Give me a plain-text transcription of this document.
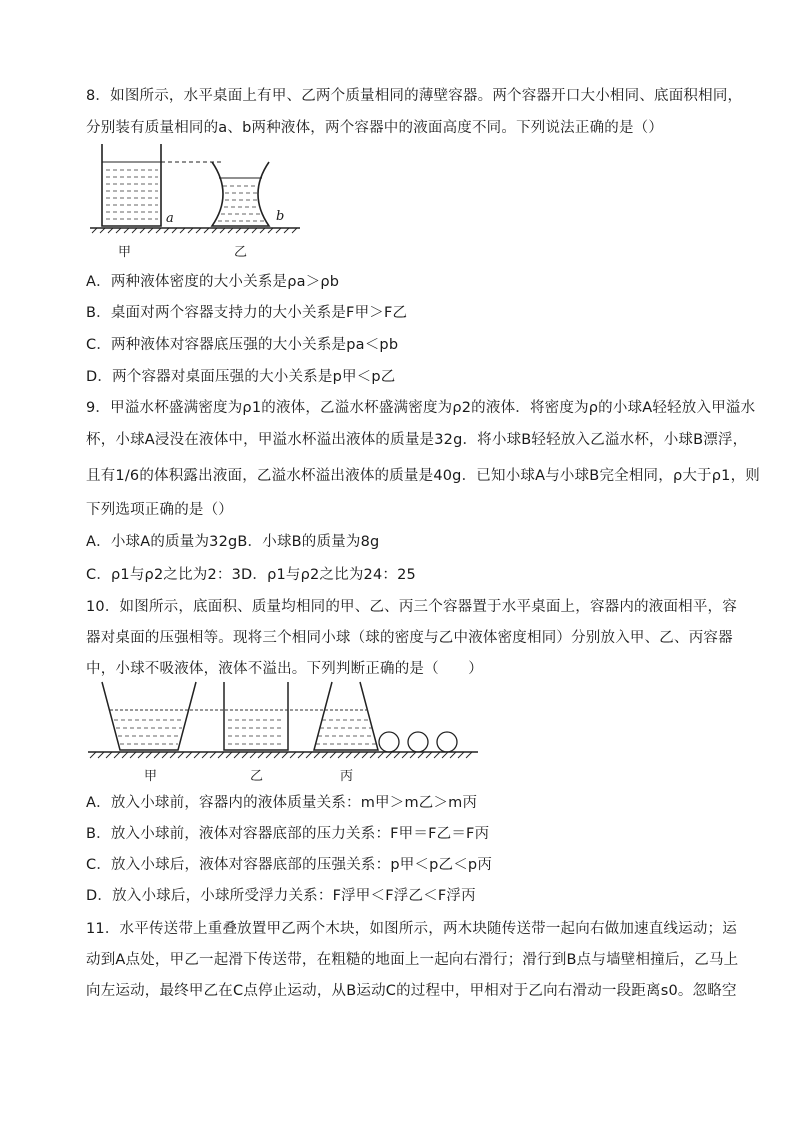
8．如图所示，水平桌面上有甲、乙两个质量相同的薄壁容器。两个容器开口大小相同、底面积相同，
分别装有质量相同的a、b两种液体，两个容器中的液面高度不同。下列说法正确的是（）
a	b
甲	乙
A．两种液体密度的大小关系是ρa＞ρb
B．桌面对两个容器支持力的大小关系是F甲＞F乙
C．两种液体对容器底压强的大小关系是pa＜pb
D．两个容器对桌面压强的大小关系是p甲＜p乙
9．甲溢水杯盛满密度为ρ1的液体，乙溢水杯盛满密度为ρ2的液体．将密度为ρ的小球A轻轻放入甲溢水
杯，小球A浸没在液体中，甲溢水杯溢出液体的质量是32g．将小球B轻轻放入乙溢水杯，小球B漂浮，
且有1/6的体积露出液面，乙溢水杯溢出液体的质量是40g．已知小球A与小球B完全相同，ρ大于ρ1，则
下列选项正确的是（）
A．小球A的质量为32gB．小球B的质量为8g
C．ρ1与ρ2之比为2：3D．ρ1与ρ2之比为24：25
10．如图所示，底面积、质量均相同的甲、乙、丙三个容器置于水平桌面上，容器内的液面相平，容
器对桌面的压强相等。现将三个相同小球（球的密度与乙中液体密度相同）分别放入甲、乙、丙容器
中，小球不吸液体，液体不溢出。下列判断正确的是（　　）
甲	乙	丙
A．放入小球前，容器内的液体质量关系：m甲＞m乙＞m丙
B．放入小球前，液体对容器底部的压力关系：F甲＝F乙＝F丙
C．放入小球后，液体对容器底部的压强关系：p甲＜p乙＜p丙
D．放入小球后，小球所受浮力关系：F浮甲＜F浮乙＜F浮丙
11．水平传送带上重叠放置甲乙两个木块，如图所示，两木块随传送带一起向右做加速直线运动；运
动到A点处，甲乙一起滑下传送带，在粗糙的地面上一起向右滑行；滑行到B点与墙壁相撞后，乙马上
向左运动，最终甲乙在C点停止运动，从B运动C的过程中，甲相对于乙向右滑动一段距离s0。忽略空
